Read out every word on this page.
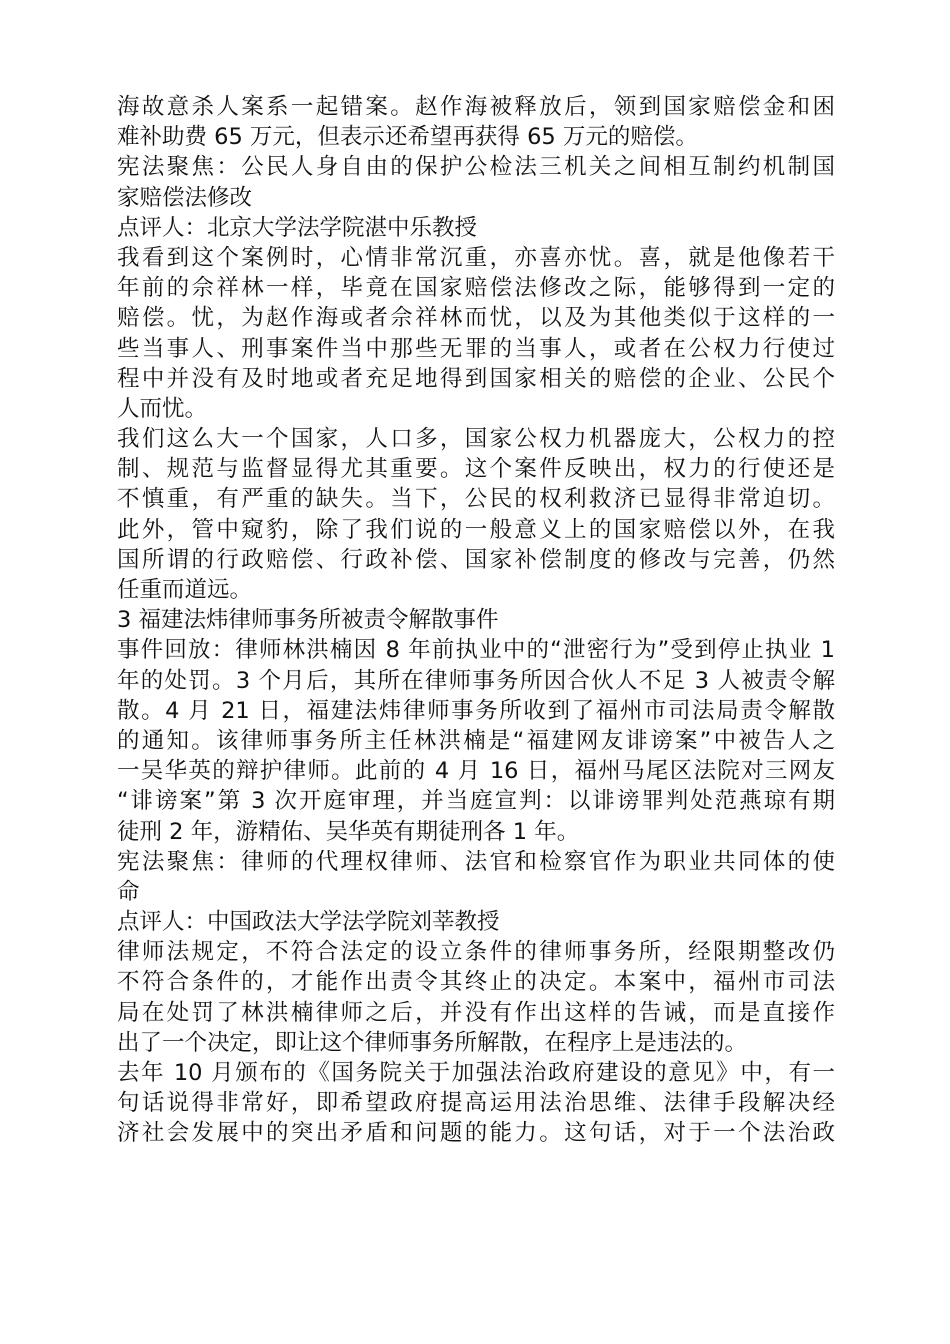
海故意杀人案系一起错案。赵作海被释放后，领到国家赔偿金和困
难补助费 65 万元，但表示还希望再获得 65 万元的赔偿。
宪法聚焦：公民人身自由的保护公检法三机关之间相互制约机制国
家赔偿法修改
点评人：北京大学法学院湛中乐教授
我看到这个案例时，心情非常沉重，亦喜亦忧。喜，就是他像若干
年前的佘祥林一样，毕竟在国家赔偿法修改之际，能够得到一定的
赔偿。忧，为赵作海或者佘祥林而忧，以及为其他类似于这样的一
些当事人、刑事案件当中那些无罪的当事人，或者在公权力行使过
程中并没有及时地或者充足地得到国家相关的赔偿的企业、公民个
人而忧。
我们这么大一个国家，人口多，国家公权力机器庞大，公权力的控
制、规范与监督显得尤其重要。这个案件反映出，权力的行使还是
不慎重，有严重的缺失。当下，公民的权利救济已显得非常迫切。
此外，管中窥豹，除了我们说的一般意义上的国家赔偿以外，在我
国所谓的行政赔偿、行政补偿、国家补偿制度的修改与完善，仍然
任重而道远。
3 福建法炜律师事务所被责令解散事件
事件回放：律师林洪楠因 8 年前执业中的“泄密行为”受到停止执业 1
年的处罚。3 个月后，其所在律师事务所因合伙人不足 3 人被责令解
散。4 月 21 日，福建法炜律师事务所收到了福州市司法局责令解散
的通知。该律师事务所主任林洪楠是“福建网友诽谤案”中被告人之
一吴华英的辩护律师。此前的 4 月 16 日，福州马尾区法院对三网友
“诽谤案”第 3 次开庭审理，并当庭宣判：以诽谤罪判处范燕琼有期
徒刑 2 年，游精佑、吴华英有期徒刑各 1 年。
宪法聚焦：律师的代理权律师、法官和检察官作为职业共同体的使
命
点评人：中国政法大学法学院刘莘教授
律师法规定，不符合法定的设立条件的律师事务所，经限期整改仍
不符合条件的，才能作出责令其终止的决定。本案中，福州市司法
局在处罚了林洪楠律师之后，并没有作出这样的告诫，而是直接作
出了一个决定，即让这个律师事务所解散，在程序上是违法的。
去年 10 月颁布的《国务院关于加强法治政府建设的意见》中，有一
句话说得非常好，即希望政府提高运用法治思维、法律手段解决经
济社会发展中的突出矛盾和问题的能力。这句话，对于一个法治政
